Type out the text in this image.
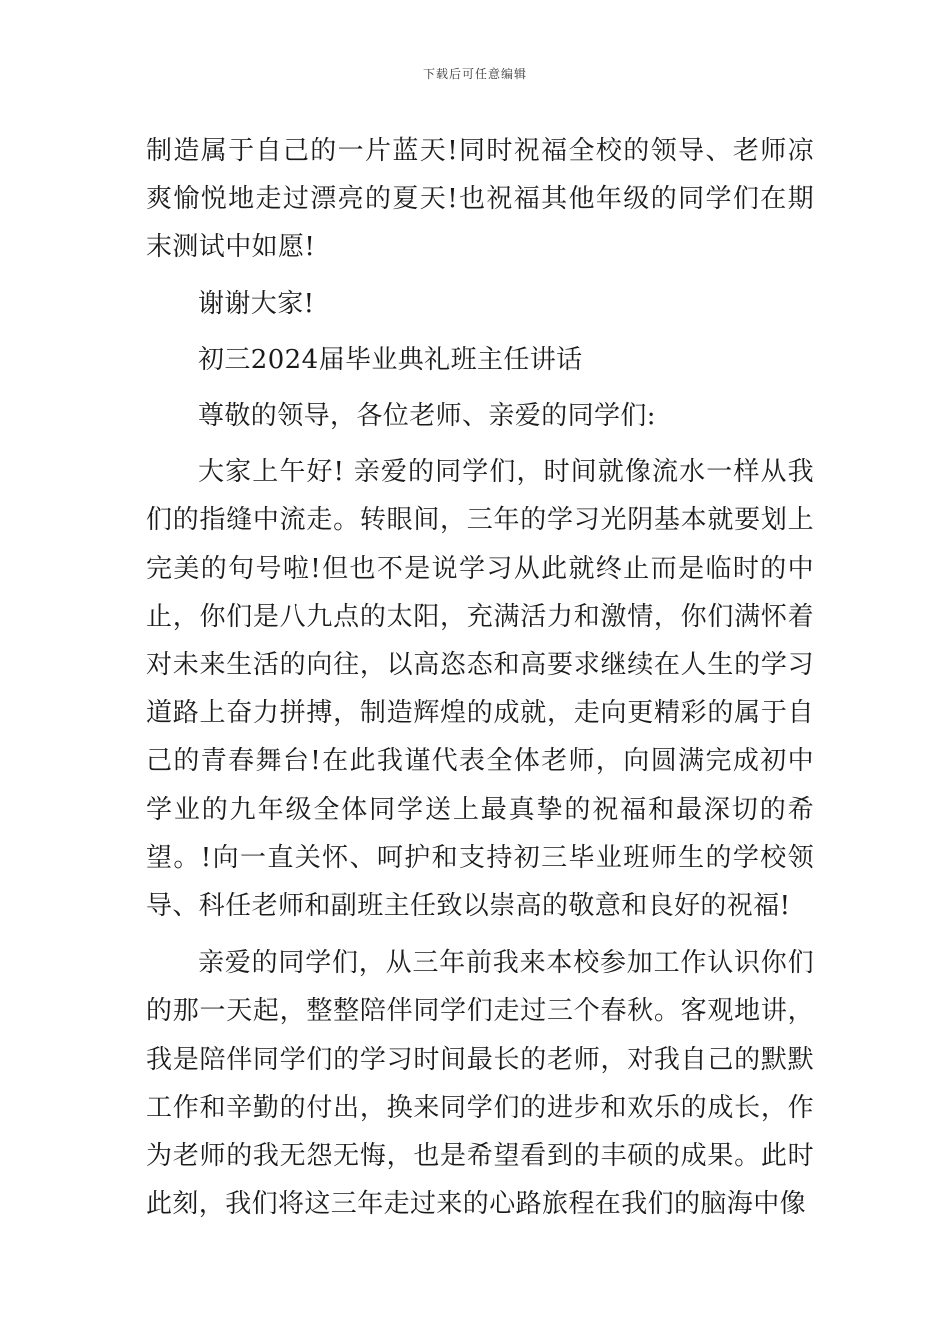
下载后可任意编辑

制造属于自己的一片蓝天!同时祝福全校的领导、老师凉爽愉悦地走过漂亮的夏天!也祝福其他年级的同学们在期末测试中如愿!

谢谢大家!

初三2024届毕业典礼班主任讲话

尊敬的领导，各位老师、亲爱的同学们:

大家上午好! 亲爱的同学们，时间就像流水一样从我们的指缝中流走。转眼间，三年的学习光阴基本就要划上完美的句号啦!但也不是说学习从此就终止而是临时的中止，你们是八九点的太阳，充满活力和激情，你们满怀着对未来生活的向往，以高恣态和高要求继续在人生的学习道路上奋力拼搏，制造辉煌的成就，走向更精彩的属于自己的青春舞台!在此我谨代表全体老师，向圆满完成初中学业的九年级全体同学送上最真挚的祝福和最深切的希望。!向一直关怀、呵护和支持初三毕业班师生的学校领导、科任老师和副班主任致以崇高的敬意和良好的祝福!

亲爱的同学们，从三年前我来本校参加工作认识你们的那一天起，整整陪伴同学们走过三个春秋。客观地讲，我是陪伴同学们的学习时间最长的老师，对我自己的默默工作和辛勤的付出，换来同学们的进步和欢乐的成长，作为老师的我无怨无悔，也是希望看到的丰硕的成果。此时此刻，我们将这三年走过来的心路旅程在我们的脑海中像
